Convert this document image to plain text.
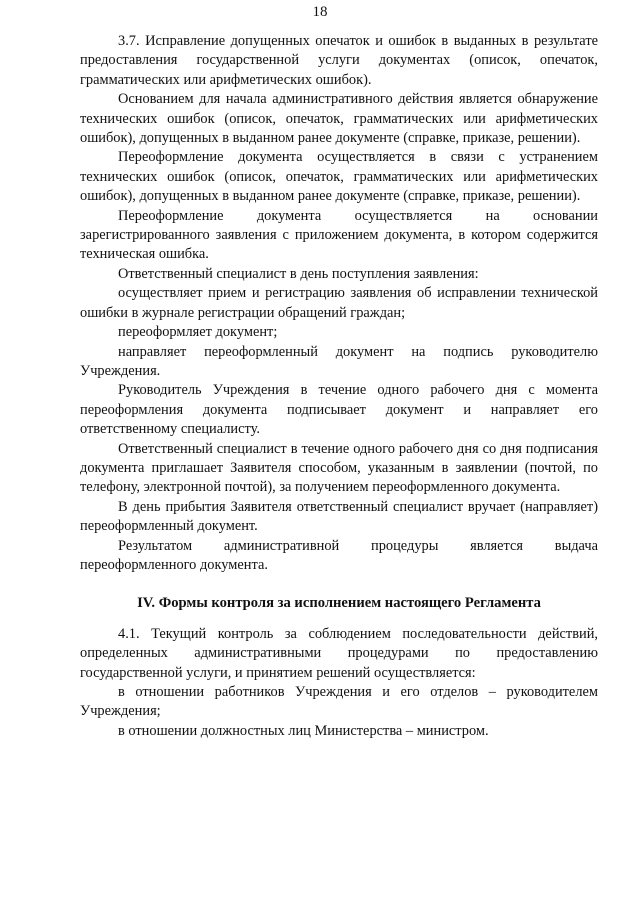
18

3.7. Исправление допущенных опечаток и ошибок в выданных в результате предоставления государственной услуги документах (описок, опечаток, грамматических или арифметических ошибок).

Основанием для начала административного действия является обнаружение технических ошибок (описок, опечаток, грамматических или арифметических ошибок), допущенных в выданном ранее документе (справке, приказе, решении).

Переоформление документа осуществляется в связи с устранением технических ошибок (описок, опечаток, грамматических или арифметических ошибок), допущенных в выданном ранее документе (справке, приказе, решении).

Переоформление документа осуществляется на основании зарегистрированного заявления с приложением документа, в котором содержится техническая ошибка.

Ответственный специалист в день поступления заявления:

осуществляет прием и регистрацию заявления об исправлении технической ошибки в журнале регистрации обращений граждан;

переоформляет документ;

направляет переоформленный документ на подпись руководителю Учреждения.

Руководитель Учреждения в течение одного рабочего дня с момента переоформления документа подписывает документ и направляет его ответственному специалисту.

Ответственный специалист в течение одного рабочего дня со дня подписания документа приглашает Заявителя способом, указанным в заявлении (почтой, по телефону, электронной почтой), за получением переоформленного документа.

В день прибытия Заявителя ответственный специалист вручает (направляет) переоформленный документ.

Результатом административной процедуры является выдача переоформленного документа.

IV. Формы контроля за исполнением настоящего Регламента

4.1. Текущий контроль за соблюдением последовательности действий, определенных административными процедурами по предоставлению государственной услуги, и принятием решений осуществляется:

в отношении работников Учреждения и его отделов – руководителем Учреждения;

в отношении должностных лиц Министерства – министром.
